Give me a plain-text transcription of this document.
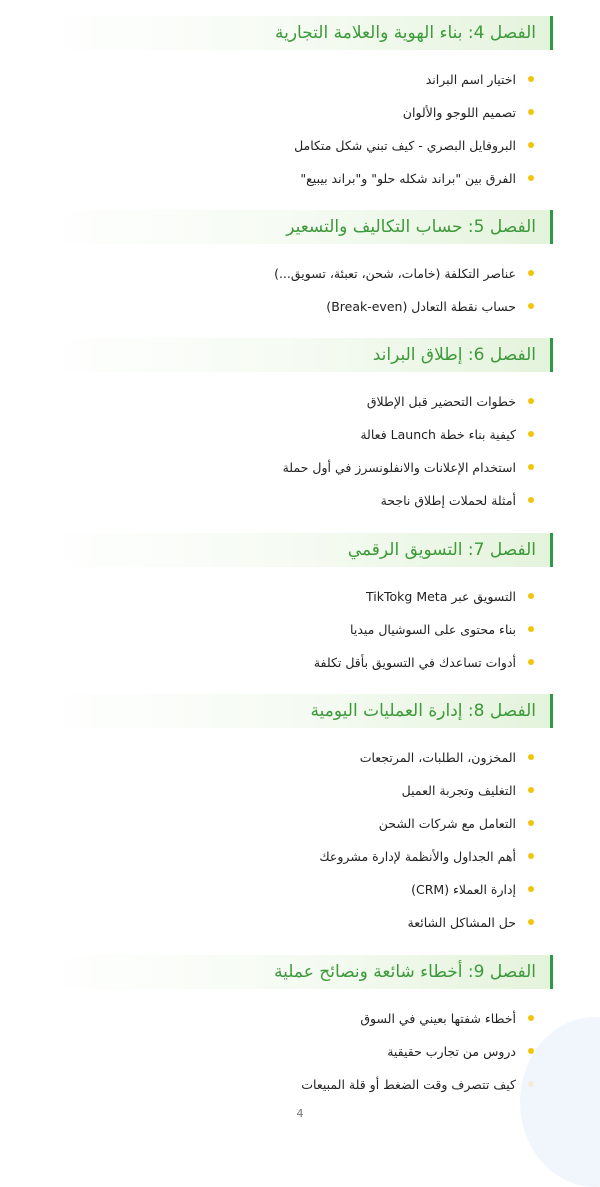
الفصل 4: بناء الهوية والعلامة التجارية
اختيار اسم البراند
تصميم اللوجو والألوان
البروفايل البصري - كيف تبني شكل متكامل
الفرق بين "براند شكله حلو" و"براند بيبيع"
الفصل 5: حساب التكاليف والتسعير
عناصر التكلفة (خامات، شحن، تعبئة، تسويق...)
حساب نقطة التعادل (Break-even)
الفصل 6: إطلاق البراند
خطوات التحضير قبل الإطلاق
كيفية بناء خطة Launch فعالة
استخدام الإعلانات والانفلونسرز في أول حملة
أمثلة لحملات إطلاق ناجحة
الفصل 7: التسويق الرقمي
التسويق عبر TikTokg Meta
بناء محتوى على السوشيال ميديا
أدوات تساعدك في التسويق بأقل تكلفة
الفصل 8: إدارة العمليات اليومية
المخزون، الطلبات، المرتجعات
التغليف وتجربة العميل
التعامل مع شركات الشحن
أهم الجداول والأنظمة لإدارة مشروعك
إدارة العملاء (CRM)
حل المشاكل الشائعة
الفصل 9: أخطاء شائعة ونصائح عملية
أخطاء شفتها بعيني في السوق
دروس من تجارب حقيقية
كيف تتصرف وقت الضغط أو قلة المبيعات
4
